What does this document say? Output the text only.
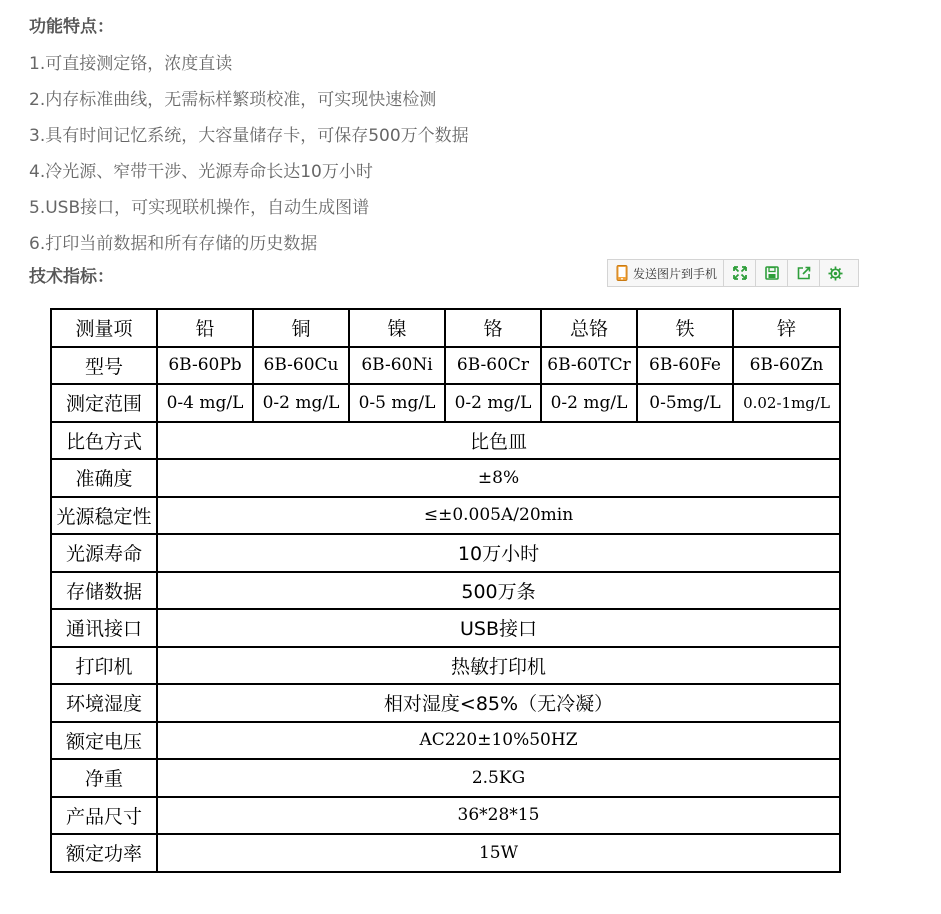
功能特点：
1.可直接测定铬，浓度直读
2.内存标准曲线，无需标样繁琐校准，可实现快速检测
3.具有时间记忆系统，大容量储存卡，可保存500万个数据
4.冷光源、窄带干涉、光源寿命长达10万小时
5.USB接口，可实现联机操作，自动生成图谱
6.打印当前数据和所有存储的历史数据
技术指标：	发送图片到手机
测量项	铅	铜	镍	铬	总铬	铁	锌
型号	6B-60Pb	6B-60Cu	6B-60Ni	6B-60Cr	6B-60TCr	6B-60Fe	6B-60Zn
测定范围	0-4 mg/L	0-2 mg/L	0-5 mg/L	0-2 mg/L	0-2 mg/L	0-5mg/L	0.02-1mg/L
比色方式	比色皿						
准确度	±8%						
光源稳定性	≤±0.005A/20min						
光源寿命	10万小时						
存储数据	500万条						
通讯接口	USB接口						
打印机	热敏打印机						
环境湿度	相对湿度<85%（无冷凝）						
额定电压	AC220±10%50HZ						
净重	2.5KG						
产品尺寸	36*28*15						
额定功率	15W						
